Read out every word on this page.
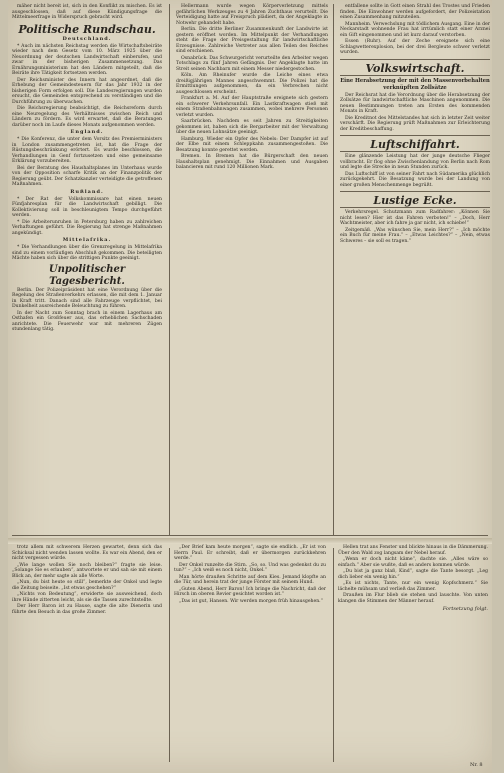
mäher nicht bereit ist, sich in den Konflikt zu mischen. Es ist ausgeschlossen, daß auf diese Kündigungsfrage die Mittelmeerfrage in Widerspruch gebracht wird.

Politische Rundschau.
Deutschland.

* Auch im nächsten Reichstag werden die Wirtschaftsbeiräte wieder nach dem Gesetz vom 10. März 1925 über die Neuordnung der deutschen Landwirtschaft einberufen, und zwar in der bisherigen Zusammensetzung. Das Ernährungsministerium hat den Ländern mitgeteilt, daß die Beiräte ihre Tätigkeit fortsetzen werden.

Der Reichsminister des Innern hat angeordnet, daß die Erhebung der Gemeindesteuern für das Jahr 1932 in der bisherigen Form erfolgen soll. Die Landesregierungen wurden ersucht, die Gemeinden entsprechend zu verständigen und die Durchführung zu überwachen.

Die Reichsregierung beabsichtigt, die Reichsreform durch eine Neuregelung des Verhältnisses zwischen Reich und Ländern zu fördern. Es wird erwartet, daß die Beratungen darüber noch im Laufe dieses Monats aufgenommen werden.

England.

* Die Konferenz, die unter dem Vorsitz des Premierministers in London zusammengetreten ist, hat die Frage der Rüstungsbeschränkung erörtert. Es wurde beschlossen, die Verhandlungen in Genf fortzusetzen und eine gemeinsame Erklärung vorzubereiten.

Bei der Beratung des Haushaltsplanes im Unterhaus wurde von der Opposition scharfe Kritik an der Finanzpolitik der Regierung geübt. Der Schatzkanzler verteidigte die getroffenen Maßnahmen.

Rußland.

* Der Rat der Volkskommissare hat einen neuen Fünfjahresplan für die Landwirtschaft gebilligt. Die Kollektivierung soll in beschleunigtem Tempo durchgeführt werden.

* Die Arbeiterunruhen in Petersburg haben zu zahlreichen Verhaftungen geführt. Die Regierung hat strenge Maßnahmen angekündigt.

Mittelafrika.

* Die Verhandlungen über die Grenzregelung in Mittelafrika sind zu einem vorläufigen Abschluß gekommen. Die beteiligten Mächte haben sich über die strittigen Punkte geeinigt.

Unpolitischer Tagesbericht.

Berlin. Der Polizeipräsident hat eine Verordnung über die Regelung des Straßenverkehrs erlassen, die mit dem 1. Januar in Kraft tritt. Danach sind alle Fahrzeuge verpflichtet, bei Dunkelheit ausreichende Beleuchtung zu führen.

In der Nacht zum Sonntag brach in einem Lagerhaus am Osthafen ein Großfeuer aus, das erheblichen Sachschaden anrichtete. Die Feuerwehr war mit mehreren Zügen stundenlang tätig.

Hellermann wurde wegen Körperverletzung mittels gefährlichen Werkzeuges zu 4 Jahren Zuchthaus verurteilt. Die Verteidigung hatte auf Freispruch plädiert, da der Angeklagte in Notwehr gehandelt habe.

Berlin. Die dritte Berliner Zusammenkunft der Landwirte ist gestern eröffnet worden. Im Mittelpunkt der Verhandlungen steht die Frage der Preisgestaltung für landwirtschaftliche Erzeugnisse. Zahlreiche Vertreter aus allen Teilen des Reiches sind erschienen.

Osnabrück. Das Schwurgericht verurteilte den Arbeiter wegen Totschlags zu fünf Jahren Gefängnis. Der Angeklagte hatte im Streit seinen Nachbarn mit einem Messer niedergestochen.

Köln. Am Rheinufer wurde die Leiche eines etwa dreißigjährigen Mannes angeschwemmt. Die Polizei hat die Ermittlungen aufgenommen, da ein Verbrechen nicht ausgeschlossen erscheint.

Frankfurt a. M. Auf der Hauptstraße ereignete sich gestern ein schwerer Verkehrsunfall. Ein Lastkraftwagen stieß mit einem Straßenbahnwagen zusammen, wobei mehrere Personen verletzt wurden.

Saarbrücken. Nachdem es seit Jahren zu Streitigkeiten gekommen ist, haben sich die Bergarbeiter mit der Verwaltung über die neuen Lohnsätze geeinigt.

Hamburg. Wieder ein Opfer des Nebels: Der Dampfer ist auf der Elbe mit einem Schleppkahn zusammengestoßen. Die Besatzung konnte gerettet werden.

Bremen. In Bremen hat die Bürgerschaft den neuen Haushaltsplan genehmigt. Die Einnahmen und Ausgaben balancieren mit rund 120 Millionen Mark.

entfallene sollte in Gott einen Strahl des Trostes und Frieden finden. Die Einwohner werden aufgefordert, der Polizeistation einen Zusammenhang mitzuteilen.

Mannheim. Verwechslung mit tödlichem Ausgang. Eine in der Neckarstadt wohnende Frau hat irrtümlich statt einer Arznei ein Gift eingenommen und ist kurz darauf verstorben.

Essen (Ruhr). Auf der Zeche ereignete sich eine Schlagwetterexplosion, bei der drei Bergleute schwer verletzt wurden.

Volkswirtschaft.
Eine Herabsetzung der mit den Massenvorbehalten verknüpften Zollsätze

Der Reichsrat hat die Verordnung über die Herabsetzung der Zollsätze für landwirtschaftliche Maschinen angenommen. Die neuen Bestimmungen treten am Ersten des kommenden Monats in Kraft.

Die Kreditnot des Mittelstandes hat sich in letzter Zeit weiter verschärft. Die Regierung prüft Maßnahmen zur Erleichterung der Kreditbeschaffung.

Luftschiffahrt.

Eine glänzende Leistung hat der junge deutsche Flieger vollbracht. Er flog ohne Zwischenlandung von Berlin nach Rom und legte die Strecke in neun Stunden zurück.

Das Luftschiff ist von seiner Fahrt nach Südamerika glücklich zurückgekehrt. Die Besatzung wurde bei der Landung von einer großen Menschenmenge begrüßt.

Lustige Ecke.

Verkehrsregel. Schutzmann zum Radfahrer: „Können Sie nicht lesen? Hier ist das Fahren verboten!“ – „Doch, Herr Wachtmeister, aber ich fahre ja gar nicht, ich schiebe!“

Zeitgemäß. „Was wünschen Sie, mein Herr?“ – „Ich möchte ein Buch für meine Frau.“ – „Etwas Leichtes?“ – „Nein, etwas Schweres – sie soll es tragen.“

trotz allem mit schwerem Herzen gewartet, denn sich das Schicksal nicht wenden lassen wollte. Es war ein Abend, den er nicht vergessen würde.

„Wie lange wollen Sie noch bleiben?“ fragte sie leise. „Solange Sie es erlauben“, antwortete er und sah sie mit einem Blick an, der mehr sagte als alle Worte.

„Nun, du bist heute so still“, bemerkte der Onkel und legte die Zeitung beiseite. „Ist etwas geschehen?“

„Nichts von Bedeutung“, erwiderte sie ausweichend, doch ihre Hände zitterten leicht, als sie die Tassen zurechtstellte.

Der Herr Baron ist zu Hause, sagte die alte Dienerin und führte den Besuch in das große Zimmer.

„Der Brief kam heute morgen“, sagte sie endlich. „Er ist von Herrn Paul. Er schreibt, daß er übermorgen zurückkehren werde.“

Der Onkel runzelte die Stirn. „So, so. Und was gedenkst du zu tun?“ – „Ich weiß es noch nicht, Onkel.“

Man hörte draußen Schritte auf dem Kies. Jemand klopfte an die Tür, und herein trat der junge Förster mit seinem Hund.

„Guten Abend, Herr Baron! Ich bringe die Nachricht, daß der Hirsch im oberen Revier gesichtet worden ist.“

„Das ist gut, Hansen. Wir werden morgen früh hinausgehen.“

Hellen trat ans Fenster und blickte hinaus in die Dämmerung. Über den Wald zog langsam der Nebel herauf.

„Wenn er doch nicht käme“, dachte sie. „Alles wäre so einfach.“ Aber sie wußte, daß es anders kommen würde.

„Du bist ja ganz blaß, Kind“, sagte die Tante besorgt. „Leg dich lieber ein wenig hin.“

„Es ist nichts, Tante, nur ein wenig Kopfschmerz.“ Sie lächelte mühsam und verließ das Zimmer.

Draußen im Flur blieb sie stehen und lauschte. Von unten klangen die Stimmen der Männer herauf.

Fortsetzung folgt.
Nr. 8
